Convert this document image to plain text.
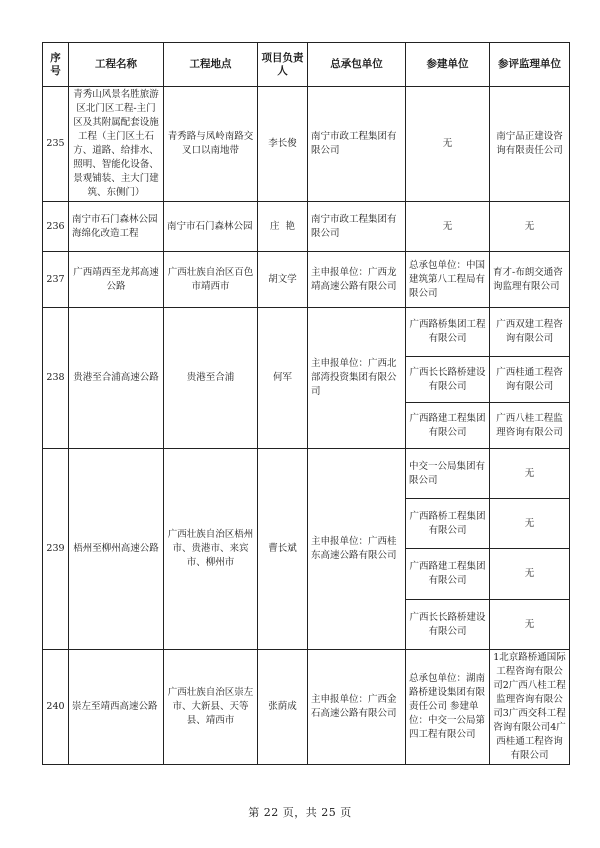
序号	工程名称	工程地点	项目负责人	总承包单位	参建单位	参评监理单位
235	青秀山风景名胜旅游区北门区工程-主门区及其附属配套设施工程（主门区土石方、道路、给排水、照明、智能化设备、景观铺装、主大门建筑、东侧门）	青秀路与凤岭南路交叉口以南地带	李长俊	南宁市政工程集团有限公司	无	南宁品正建设咨询有限责任公司
236	南宁市石门森林公园海绵化改造工程	南宁市石门森林公园	庄  艳	南宁市政工程集团有限公司	无	无
237	广西靖西至龙邦高速公路	广西壮族自治区百色市靖西市	胡文学	主申报单位：广西龙靖高速公路有限公司	总承包单位：中国建筑第八工程局有限公司	育才-布朗交通咨询监理有限公司
238	贵港至合浦高速公路	贵港至合浦	何军	主申报单位：广西北部湾投资集团有限公司	广西路桥集团工程有限公司	广西双建工程咨询有限公司
					广西长长路桥建设有限公司	广西桂通工程咨询有限公司
					广西路建工程集团有限公司	广西八桂工程监理咨询有限公司
239	梧州至柳州高速公路	广西壮族自治区梧州市、贵港市、来宾市、柳州市	曹长斌	主申报单位：广西桂东高速公路有限公司	中交一公局集团有限公司	无
					广西路桥工程集团有限公司	无
					广西路建工程集团有限公司	无
					广西长长路桥建设有限公司	无
240	崇左至靖西高速公路	广西壮族自治区崇左市、大新县、天等县、靖西市	张荫成	主申报单位：广西金石高速公路有限公司	总承包单位：湖南路桥建设集团有限责任公司 参建单位：中交一公局第四工程有限公司	1北京路桥通国际工程咨询有限公司2广西八桂工程监理咨询有限公司3广西交科工程咨询有限公司4广西桂通工程咨询有限公司
第 22 页，共 25 页
